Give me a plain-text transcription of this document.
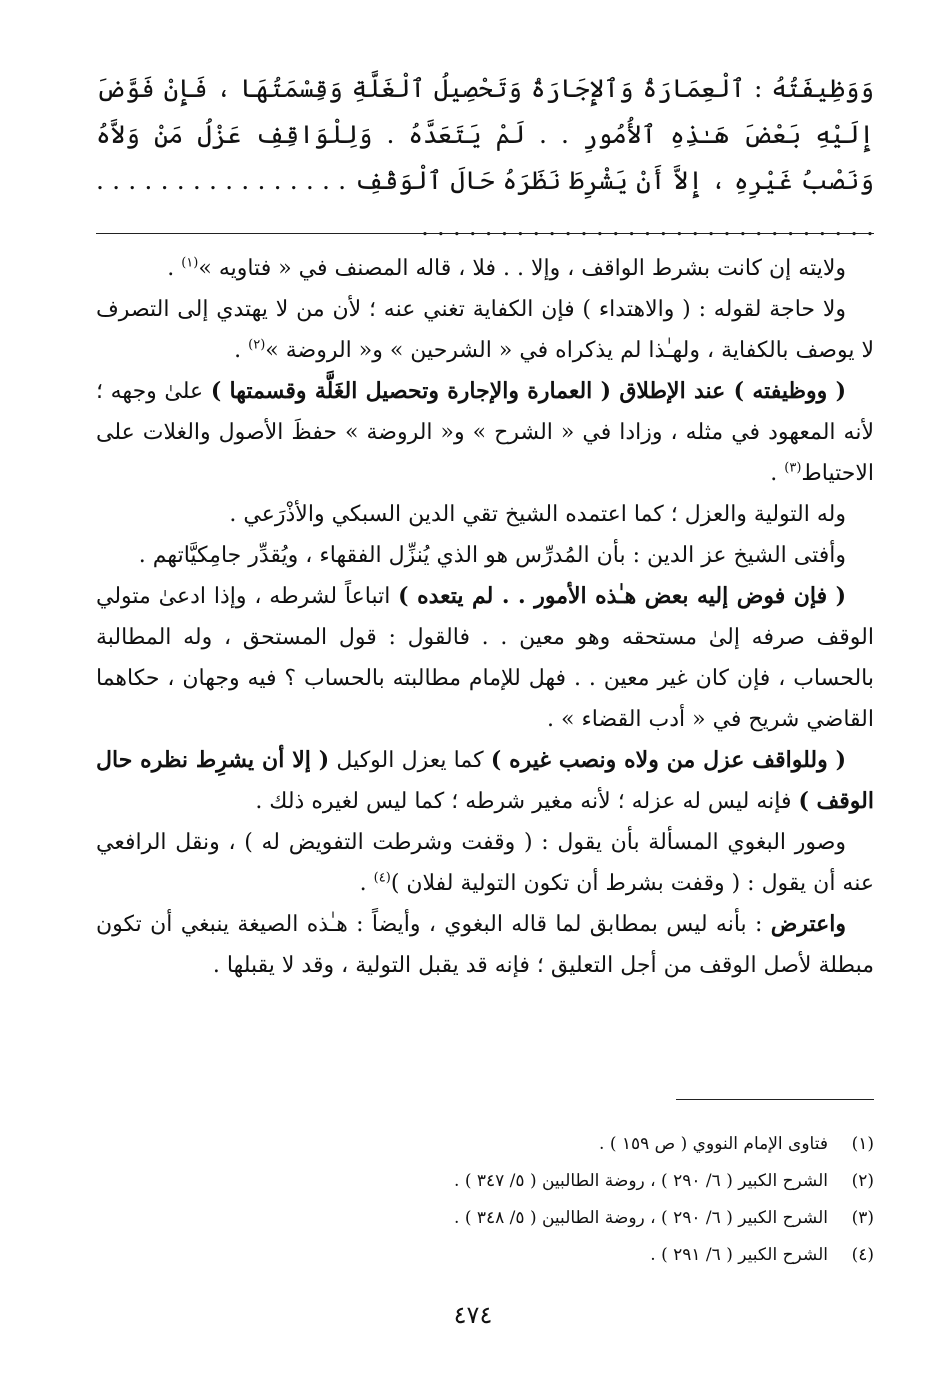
وَوَظِيفَتُهُ : ٱلْعِمَارَةُ وَٱلإِجَارَةُ وَتَحْصِيلُ ٱلْغَلَّةِ وَقِسْمَتُهَا ، فَإِنْ فَوَّضَ إِلَيْهِ بَعْضَ هَـٰذِهِ ٱلأُمُورِ . . لَمْ يَتَعَدَّهُ . وَلِلْوَاقِفِ عَزْلُ مَنْ وَلاَّهُ وَنَصْبُ غَيْرِهِ ، إِلاَّ أَنْ يَشْرِطَ نَظَرَهُ حَالَ ٱلْوَقْفِ . . . . . . . . . . . . . . . . . . . . . . . . . . . . . . . . . . . . . . . . . . . . .

ولايته إن كانت بشرط الواقف ، وإلا . . فلا ، قاله المصنف في « فتاويه »$^{(١)}$ .

ولا حاجة لقوله : ( والاهتداء ) فإن الكفاية تغني عنه ؛ لأن من لا يهتدي إلى التصرف لا يوصف بالكفاية ، ولهـٰذا لم يذكراه في « الشرحين » و« الروضة »$^{(٢)}$ .

( ووظيفته ) عند الإطلاق ( العمارة والإجارة وتحصيل الغَلَّة وقسمتها ) علىٰ وجهه ؛ لأنه المعهود في مثله ، وزادا في « الشرح » و« الروضة » حفظَ الأصول والغلات على الاحتياط$^{(٣)}$ .

وله التولية والعزل ؛ كما اعتمده الشيخ تقي الدين السبكي والأذْرَعي .

وأفتى الشيخ عز الدين : بأن المُدرِّس هو الذي يُنزِّل الفقهاء ، ويُقدِّر جامِكيَّاتهم .

( فإن فوض إليه بعض هـٰذه الأمور . . لم يتعده ) اتباعاً لشرطه ، وإذا ادعىٰ متولي الوقف صرفه إلىٰ مستحقه وهو معين . . فالقول : قول المستحق ، وله المطالبة بالحساب ، فإن كان غير معين . . فهل للإمام مطالبته بالحساب ؟ فيه وجهان ، حكاهما القاضي شريح في « أدب القضاء » .

( وللواقف عزل من ولاه ونصب غيره ) كما يعزل الوكيل ( إلا أن يشرِط نظره حال الوقف ) فإنه ليس له عزله ؛ لأنه مغير شرطه ؛ كما ليس لغيره ذلك .

وصور البغوي المسألة بأن يقول : ( وقفت وشرطت التفويض له ) ، ونقل الرافعي عنه أن يقول : ( وقفت بشرط أن تكون التولية لفلان )$^{(٤)}$ .

واعترض : بأنه ليس بمطابق لما قاله البغوي ، وأيضاً : هـٰذه الصيغة ينبغي أن تكون مبطلة لأصل الوقف من أجل التعليق ؛ فإنه قد يقبل التولية ، وقد لا يقبلها .

(١)
فتاوى الإمام النووي ( ص ١٥٩ ) .
(٢)
الشرح الكبير ( ٦/ ٢٩٠ ) ، روضة الطالبين ( ٥/ ٣٤٧ ) .
(٣)
الشرح الكبير ( ٦/ ٢٩٠ ) ، روضة الطالبين ( ٥/ ٣٤٨ ) .
(٤)
الشرح الكبير ( ٦/ ٢٩١ ) .
٤٧٤
